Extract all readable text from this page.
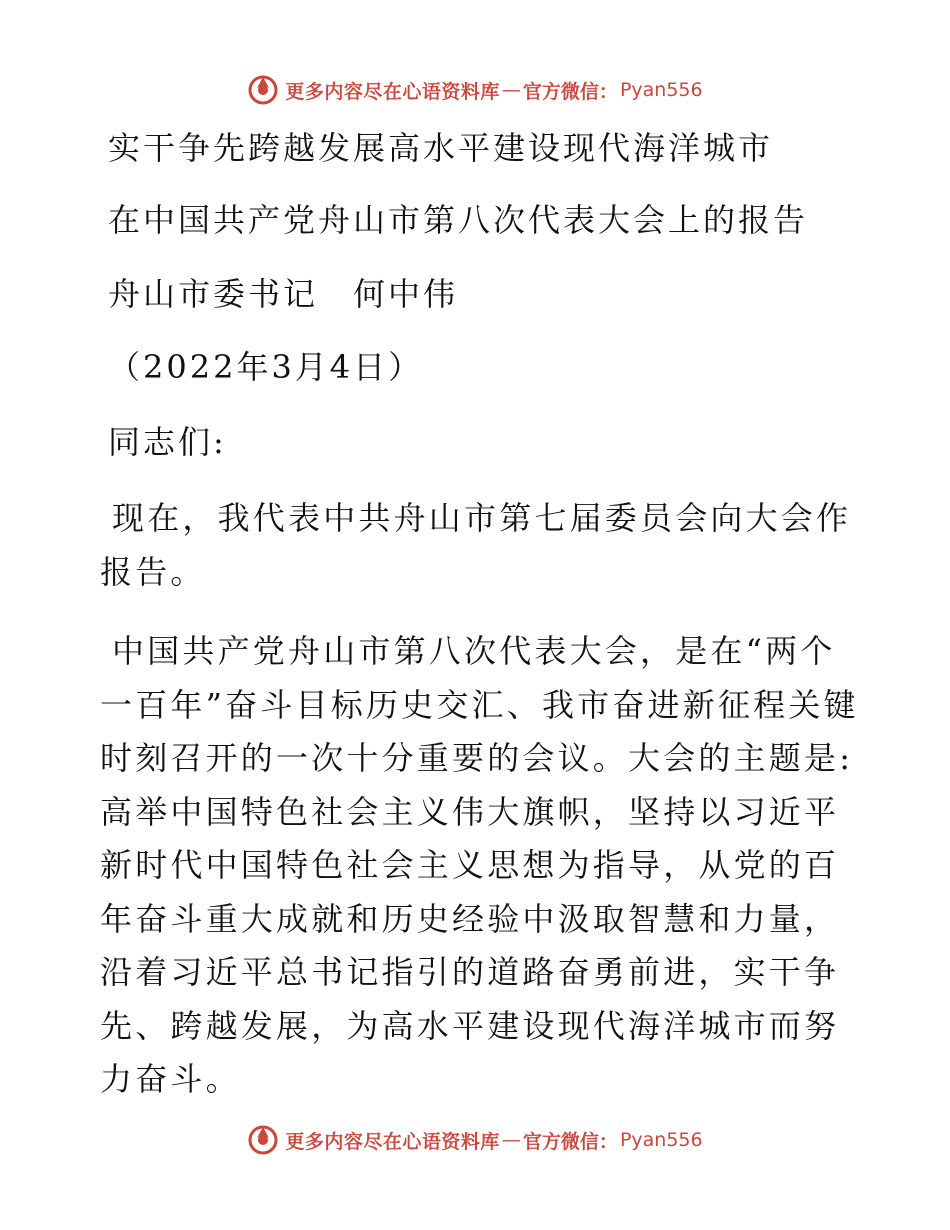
更多内容尽在心语资料库 — 官方微信： Pyan556
实干争先跨越发展高水平建设现代海洋城市
在中国共产党舟山市第八次代表大会上的报告
舟山市委书记　何中伟
（2022年3月4日）
同志们:

现在，我代表中共舟山市第七届委员会向大会作报告。

中国共产党舟山市第八次代表大会，是在“两个一百年”奋斗目标历史交汇、我市奋进新征程关键时刻召开的一次十分重要的会议。大会的主题是:高举中国特色社会主义伟大旗帜，坚持以习近平新时代中国特色社会主义思想为指导，从党的百年奋斗重大成就和历史经验中汲取智慧和力量，沿着习近平总书记指引的道路奋勇前进，实干争先、跨越发展，为高水平建设现代海洋城市而努力奋斗。

更多内容尽在心语资料库 — 官方微信： Pyan556
